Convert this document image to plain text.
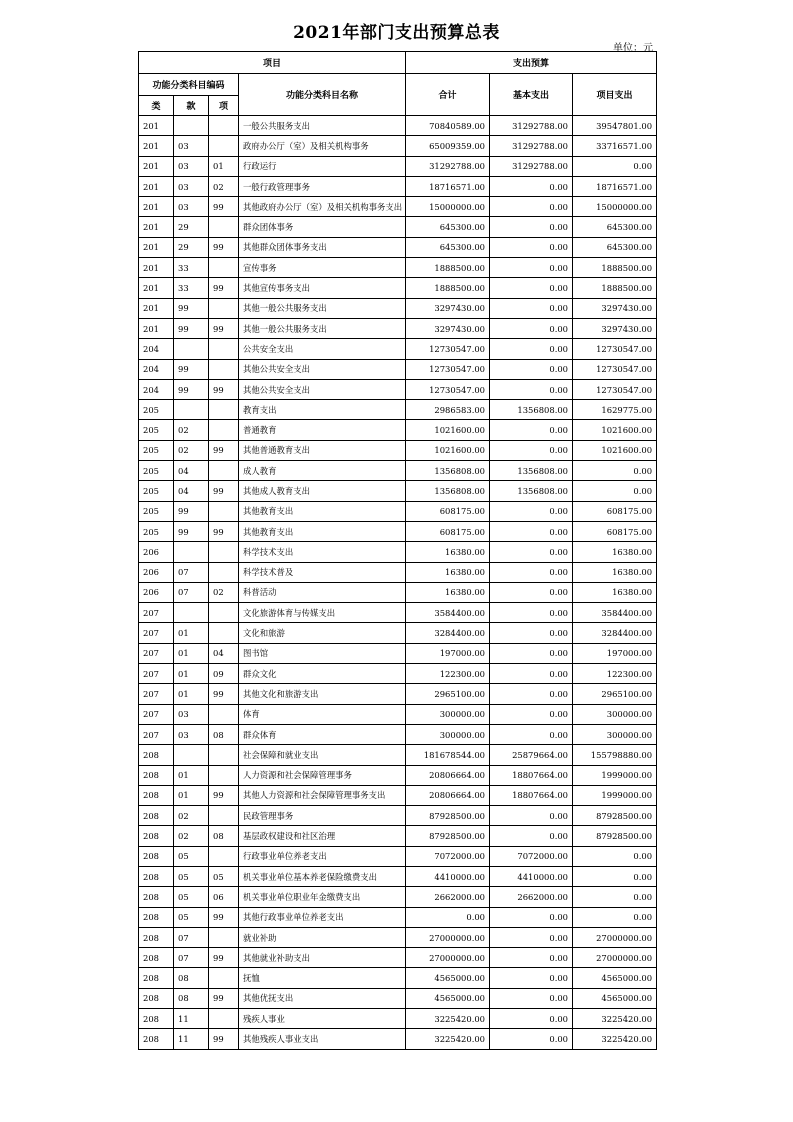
2021年部门支出预算总表
单位：元
项目				支出预算		
功能分类科目编码			功能分类科目名称	合计	基本支出	项目支出
类	款	项				
201			一般公共服务支出	70840589.00	31292788.00	39547801.00
201	03		政府办公厅（室）及相关机构事务	65009359.00	31292788.00	33716571.00
201	03	01	行政运行	31292788.00	31292788.00	0.00
201	03	02	一般行政管理事务	18716571.00	0.00	18716571.00
201	03	99	其他政府办公厅（室）及相关机构事务支出	15000000.00	0.00	15000000.00
201	29		群众团体事务	645300.00	0.00	645300.00
201	29	99	其他群众团体事务支出	645300.00	0.00	645300.00
201	33		宣传事务	1888500.00	0.00	1888500.00
201	33	99	其他宣传事务支出	1888500.00	0.00	1888500.00
201	99		其他一般公共服务支出	3297430.00	0.00	3297430.00
201	99	99	其他一般公共服务支出	3297430.00	0.00	3297430.00
204			公共安全支出	12730547.00	0.00	12730547.00
204	99		其他公共安全支出	12730547.00	0.00	12730547.00
204	99	99	其他公共安全支出	12730547.00	0.00	12730547.00
205			教育支出	2986583.00	1356808.00	1629775.00
205	02		普通教育	1021600.00	0.00	1021600.00
205	02	99	其他普通教育支出	1021600.00	0.00	1021600.00
205	04		成人教育	1356808.00	1356808.00	0.00
205	04	99	其他成人教育支出	1356808.00	1356808.00	0.00
205	99		其他教育支出	608175.00	0.00	608175.00
205	99	99	其他教育支出	608175.00	0.00	608175.00
206			科学技术支出	16380.00	0.00	16380.00
206	07		科学技术普及	16380.00	0.00	16380.00
206	07	02	科普活动	16380.00	0.00	16380.00
207			文化旅游体育与传媒支出	3584400.00	0.00	3584400.00
207	01		文化和旅游	3284400.00	0.00	3284400.00
207	01	04	图书馆	197000.00	0.00	197000.00
207	01	09	群众文化	122300.00	0.00	122300.00
207	01	99	其他文化和旅游支出	2965100.00	0.00	2965100.00
207	03		体育	300000.00	0.00	300000.00
207	03	08	群众体育	300000.00	0.00	300000.00
208			社会保障和就业支出	181678544.00	25879664.00	155798880.00
208	01		人力资源和社会保障管理事务	20806664.00	18807664.00	1999000.00
208	01	99	其他人力资源和社会保障管理事务支出	20806664.00	18807664.00	1999000.00
208	02		民政管理事务	87928500.00	0.00	87928500.00
208	02	08	基层政权建设和社区治理	87928500.00	0.00	87928500.00
208	05		行政事业单位养老支出	7072000.00	7072000.00	0.00
208	05	05	机关事业单位基本养老保险缴费支出	4410000.00	4410000.00	0.00
208	05	06	机关事业单位职业年金缴费支出	2662000.00	2662000.00	0.00
208	05	99	其他行政事业单位养老支出	0.00	0.00	0.00
208	07		就业补助	27000000.00	0.00	27000000.00
208	07	99	其他就业补助支出	27000000.00	0.00	27000000.00
208	08		抚恤	4565000.00	0.00	4565000.00
208	08	99	其他优抚支出	4565000.00	0.00	4565000.00
208	11		残疾人事业	3225420.00	0.00	3225420.00
208	11	99	其他残疾人事业支出	3225420.00	0.00	3225420.00
